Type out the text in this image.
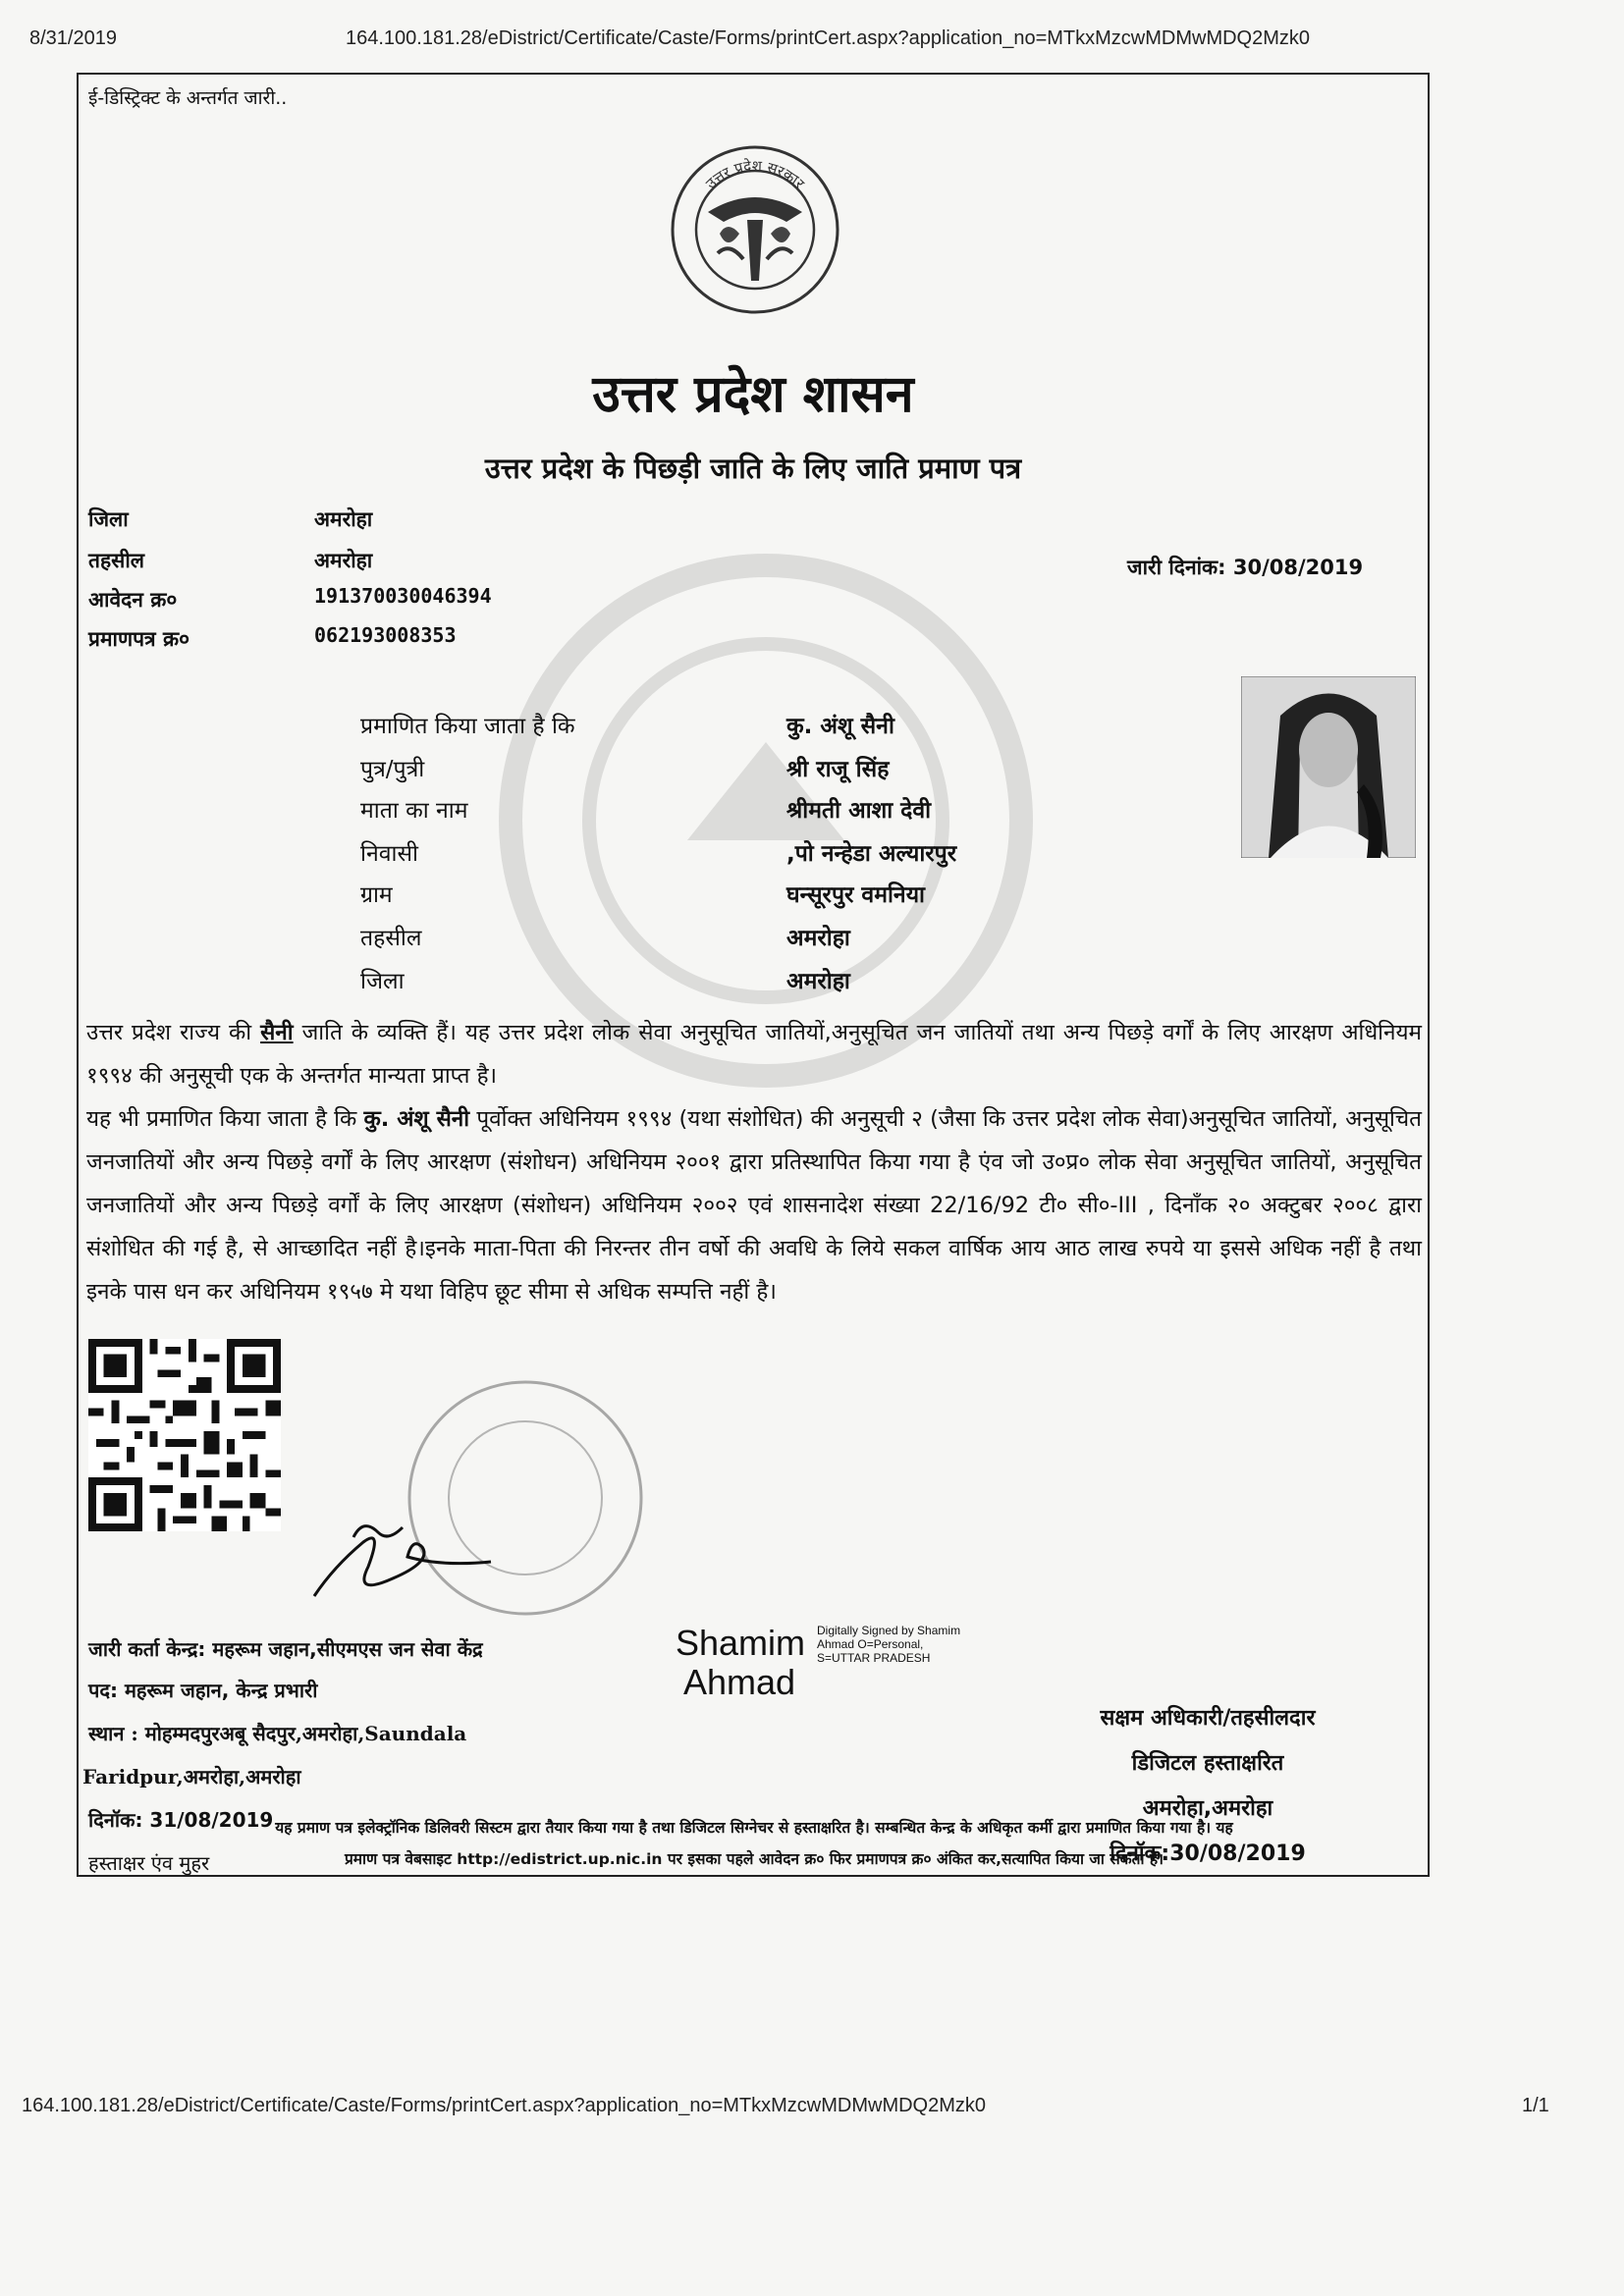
8/31/2019	164.100.181.28/eDistrict/Certificate/Caste/Forms/printCert.aspx?application_no=MTkxMzcwMDMwMDQ2Mzk0
ई-डिस्ट्रिक्ट के अन्तर्गत जारी..
उत्तर प्रदेश सरकार
उत्तर प्रदेश शासन
उत्तर प्रदेश के पिछड़ी जाति के लिए जाति प्रमाण पत्र
जिला	अमरोहा
तहसील	अमरोहा
आवेदन क्र०	191370030046394
प्रमाणपत्र क्र०	062193008353
जारी दिनांक: 30/08/2019
प्रमाणित किया जाता है कि	कु. अंशू सैनी
पुत्र/पुत्री	श्री राजू सिंह
माता का नाम	श्रीमती आशा देवी
निवासी	,पो नन्हेडा अल्यारपुर
ग्राम	घन्सूरपुर वमनिया
तहसील	अमरोहा
जिला	अमरोहा
उत्तर प्रदेश राज्य की सैनी जाति के व्यक्ति हैं। यह उत्तर प्रदेश लोक सेवा अनुसूचित जातियों,अनुसूचित जन जातियों तथा अन्य पिछड़े वर्गों के लिए आरक्षण अधिनियम १९९४ की अनुसूची एक के अन्तर्गत मान्यता प्राप्त है।
यह भी प्रमाणित किया जाता है कि कु. अंशू सैनी पूर्वोक्त अधिनियम १९९४ (यथा संशोधित) की अनुसूची २ (जैसा कि उत्तर प्रदेश लोक सेवा)अनुसूचित जातियों, अनुसूचित जनजातियों और अन्य पिछड़े वर्गों के लिए आरक्षण (संशोधन) अधिनियम २००१ द्वारा प्रतिस्थापित किया गया है एंव जो उ०प्र० लोक सेवा अनुसूचित जातियों, अनुसूचित जनजातियों और अन्य पिछड़े वर्गों के लिए आरक्षण (संशोधन) अधिनियम २००२ एवं शासनादेश संख्या 22/16/92 टी० सी०-III , दिनाँक २० अक्टुबर २००८ द्वारा संशोधित की गई है, से आच्छादित नहीं है।इनके माता-पिता की निरन्तर तीन वर्षो की अवधि के लिये सकल वार्षिक आय आठ लाख रुपये या इससे अधिक नहीं है तथा इनके पास धन कर अधिनियम १९५७ मे यथा विहिप छूट सीमा से अधिक सम्पत्ति नहीं है।
जारी कर्ता केन्द्र: महरूम जहान,सीएमएस जन सेवा केंद्र
पद: महरूम जहान, केन्द्र प्रभारी
स्थान : मोहम्मदपुरअबू सैदपुर,अमरोहा,Saundala
Faridpur,अमरोहा,अमरोहा
दिनॉक: 31/08/2019
हस्ताक्षर एंव मुहर
Shamim
Ahmad
Digitally Signed by Shamim
Ahmad O=Personal,
S=UTTAR PRADESH
सक्षम अधिकारी/तहसीलदार
डिजिटल हस्ताक्षरित
अमरोहा,अमरोहा
दिनॉक:30/08/2019
यह प्रमाण पत्र इलेक्ट्रॉनिक डिलिवरी सिस्टम द्वारा तैयार किया गया है तथा डिजिटल सिग्नेचर से हस्ताक्षरित है। सम्बन्धित केन्द्र के अधिकृत कर्मी द्वारा प्रमाणित किया गया है। यह
प्रमाण पत्र वेबसाइट http://edistrict.up.nic.in पर इसका पहले आवेदन क्र० फिर प्रमाणपत्र क्र० अंकित कर,सत्यापित किया जा सकता है।
164.100.181.28/eDistrict/Certificate/Caste/Forms/printCert.aspx?application_no=MTkxMzcwMDMwMDQ2Mzk0	1/1
